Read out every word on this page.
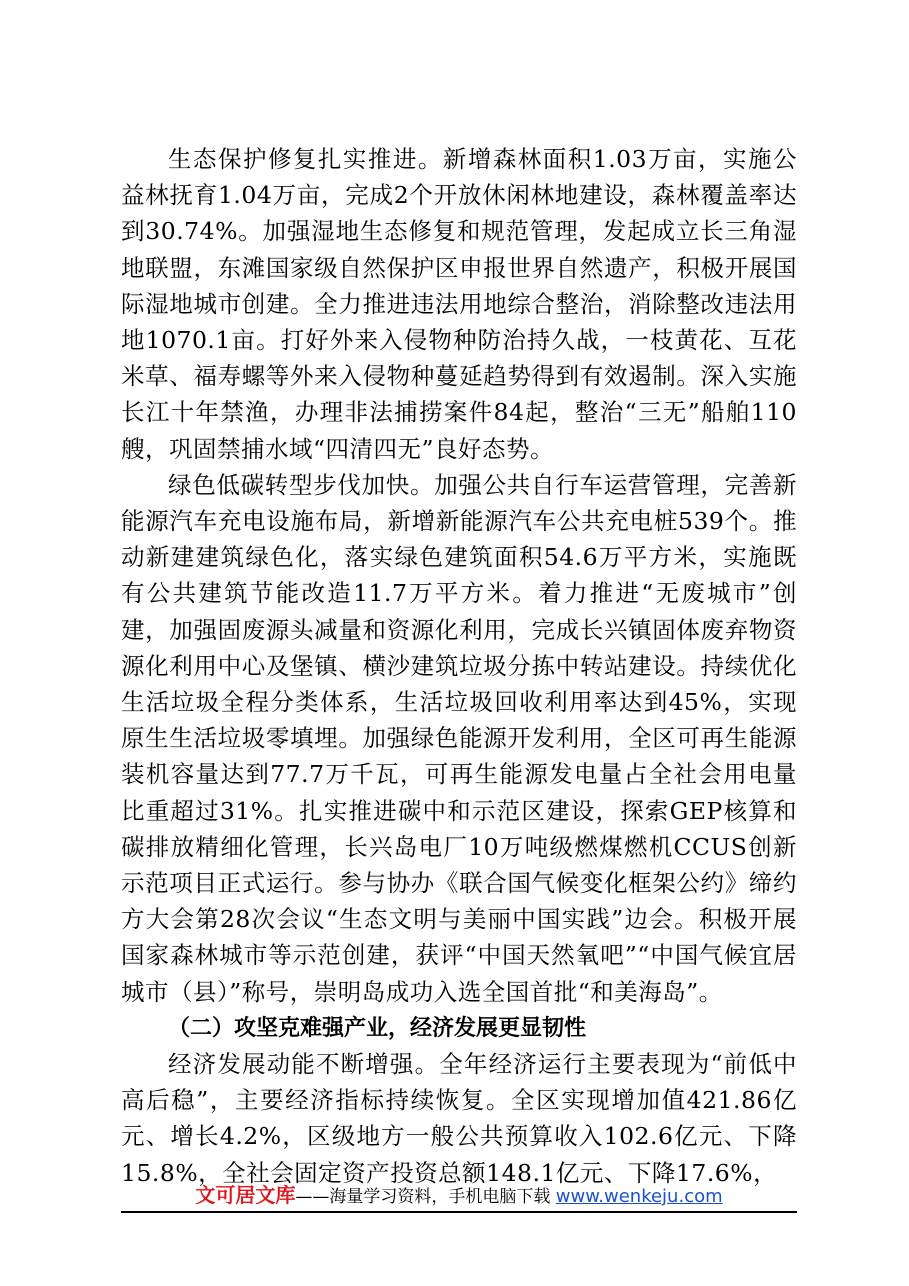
生态保护修复扎实推进。新增森林面积1.03万亩，实施公益林抚育1.04万亩，完成2个开放休闲林地建设，森林覆盖率达到30.74%。加强湿地生态修复和规范管理，发起成立长三角湿地联盟，东滩国家级自然保护区申报世界自然遗产，积极开展国际湿地城市创建。全力推进违法用地综合整治，消除整改违法用地1070.1亩。打好外来入侵物种防治持久战，一枝黄花、互花米草、福寿螺等外来入侵物种蔓延趋势得到有效遏制。深入实施长江十年禁渔，办理非法捕捞案件84起，整治“三无”船舶110艘，巩固禁捕水域“四清四无”良好态势。

绿色低碳转型步伐加快。加强公共自行车运营管理，完善新能源汽车充电设施布局，新增新能源汽车公共充电桩539个。推动新建建筑绿色化，落实绿色建筑面积54.6万平方米，实施既有公共建筑节能改造11.7万平方米。着力推进“无废城市”创建，加强固废源头减量和资源化利用，完成长兴镇固体废弃物资源化利用中心及堡镇、横沙建筑垃圾分拣中转站建设。持续优化生活垃圾全程分类体系，生活垃圾回收利用率达到45%，实现原生生活垃圾零填埋。加强绿色能源开发利用，全区可再生能源装机容量达到77.7万千瓦，可再生能源发电量占全社会用电量比重超过31%。扎实推进碳中和示范区建设，探索GEP核算和碳排放精细化管理，长兴岛电厂10万吨级燃煤燃机CCUS创新示范项目正式运行。参与协办《联合国气候变化框架公约》缔约方大会第28次会议“生态文明与美丽中国实践”边会。积极开展国家森林城市等示范创建，获评“中国天然氧吧”“中国气候宜居城市（县）”称号，崇明岛成功入选全国首批“和美海岛”。

（二）攻坚克难强产业，经济发展更显韧性

经济发展动能不断增强。全年经济运行主要表现为“前低中高后稳”，主要经济指标持续恢复。全区实现增加值421.86亿元、增长4.2%，区级地方一般公共预算收入102.6亿元、下降15.8%，全社会固定资产投资总额148.1亿元、下降17.6%，

文可居文库——海量学习资料，手机电脑下载 www.wenkeju.com
